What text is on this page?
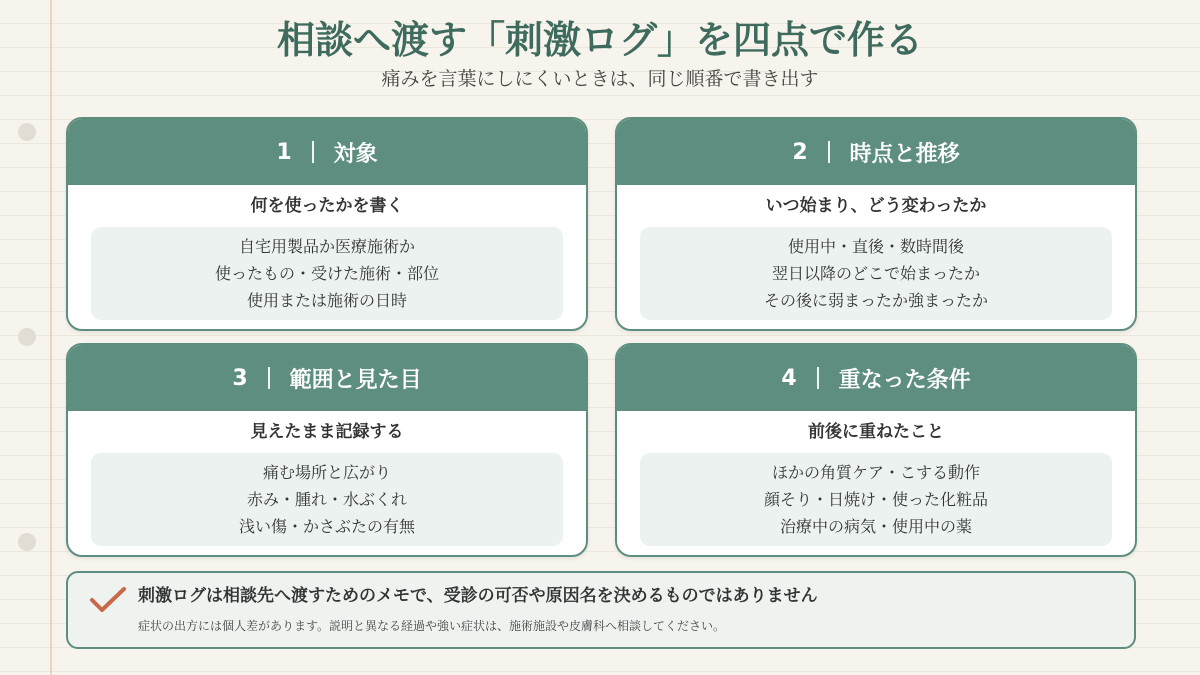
相談へ渡す「刺激ログ」を四点で作る
痛みを言葉にしにくいときは、同じ順番で書き出す
1 対象
何を使ったかを書く
自宅用製品か医療施術か
使ったもの・受けた施術・部位
使用または施術の日時
2 時点と推移
いつ始まり、どう変わったか
使用中・直後・数時間後
翌日以降のどこで始まったか
その後に弱まったか強まったか
3 範囲と見た目
見えたまま記録する
痛む場所と広がり
赤み・腫れ・水ぶくれ
浅い傷・かさぶたの有無
4 重なった条件
前後に重ねたこと
ほかの角質ケア・こする動作
顔そり・日焼け・使った化粧品
治療中の病気・使用中の薬
刺激ログは相談先へ渡すためのメモで、受診の可否や原因名を決めるものではありません
症状の出方には個人差があります。説明と異なる経過や強い症状は、施術施設や皮膚科へ相談してください。
